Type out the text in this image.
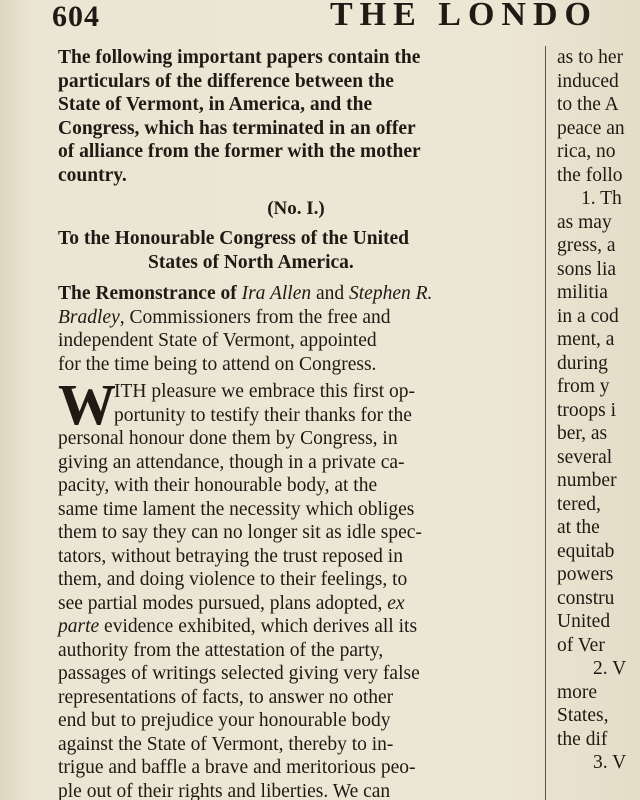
604	THE LONDO

The following important papers contain the
particulars of the difference between the
State of Vermont, in America, and the
Congress, which has terminated in an offer
of alliance from the former with the mother
country.

(No. I.)

To the Honourable Congress of the United
States of North America.

The Remonstrance of Ira Allen and Stephen R.
Bradley, Commissioners from the free and
independent State of Vermont, appointed
for the time being to attend on Congress.

W
ITH pleasure we embrace this first op-
portunity to testify their thanks for the
personal honour done them by Congress, in
giving an attendance, though in a private ca-
pacity, with their honourable body, at the
same time lament the necessity which obliges
them to say they can no longer sit as idle spec-
tators, without betraying the trust reposed in
them, and doing violence to their feelings, to
see partial modes pursued, plans adopted, ex
parte evidence exhibited, which derives all its
authority from the attestation of the party,
passages of writings selected giving very false
representations of facts, to answer no other
end but to prejudice your honourable body
against the State of Vermont, thereby to in-
trigue and baffle a brave and meritorious peo-
ple out of their rights and liberties. We can
as to her
induced
to the A
peace an
rica, no
the follo
1. Th
as may
gress, a
sons lia
militia
in a cod
ment, a
during
from y
troops i
ber, as
several
number
tered,
at the
equitab
powers
constru
United
of Ver
2. V
more
States,
the dif
3. V
